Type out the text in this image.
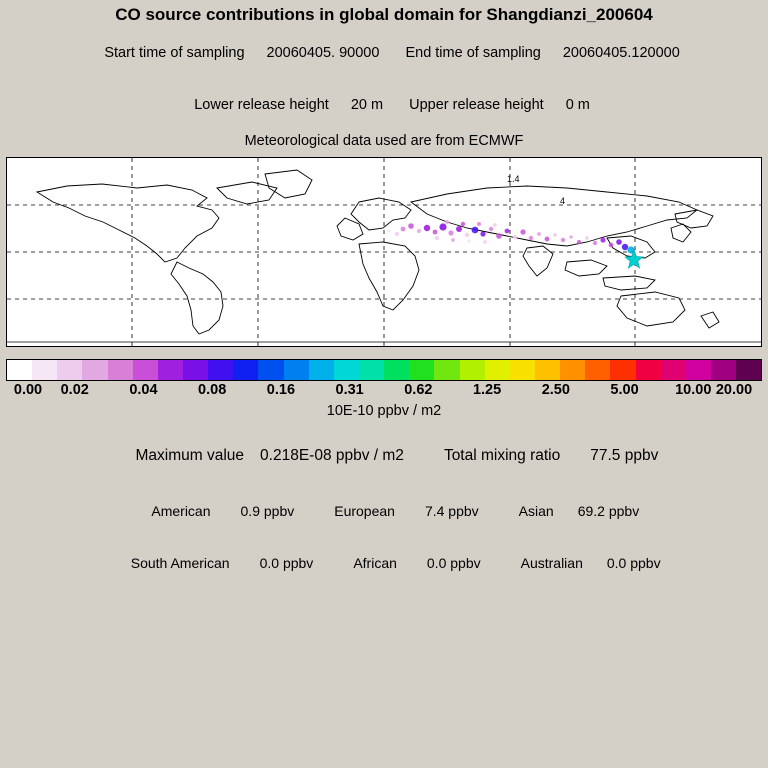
CO source contributions in global domain for Shangdianzi_200604

Start time of sampling 20060405. 90000 End time of sampling 20060405.120000

Lower release height 20 m Upper release height 0 m

Meteorological data used are from ECMWF
1.4
4
0.00 0.02	0.04	0.08	0.16	0.31	0.62	1.25	2.50	5.00	10.00 20.00
10E-10 ppbv / m2

Maximum value 0.218E-08 ppbv / m2	Total mixing ratio 77.5 ppbv

American 0.9 ppbv	European 7.4 ppbv	Asian 69.2 ppbv

South American 0.0 ppbv	African 0.0 ppbv	Australian 0.0 ppbv
